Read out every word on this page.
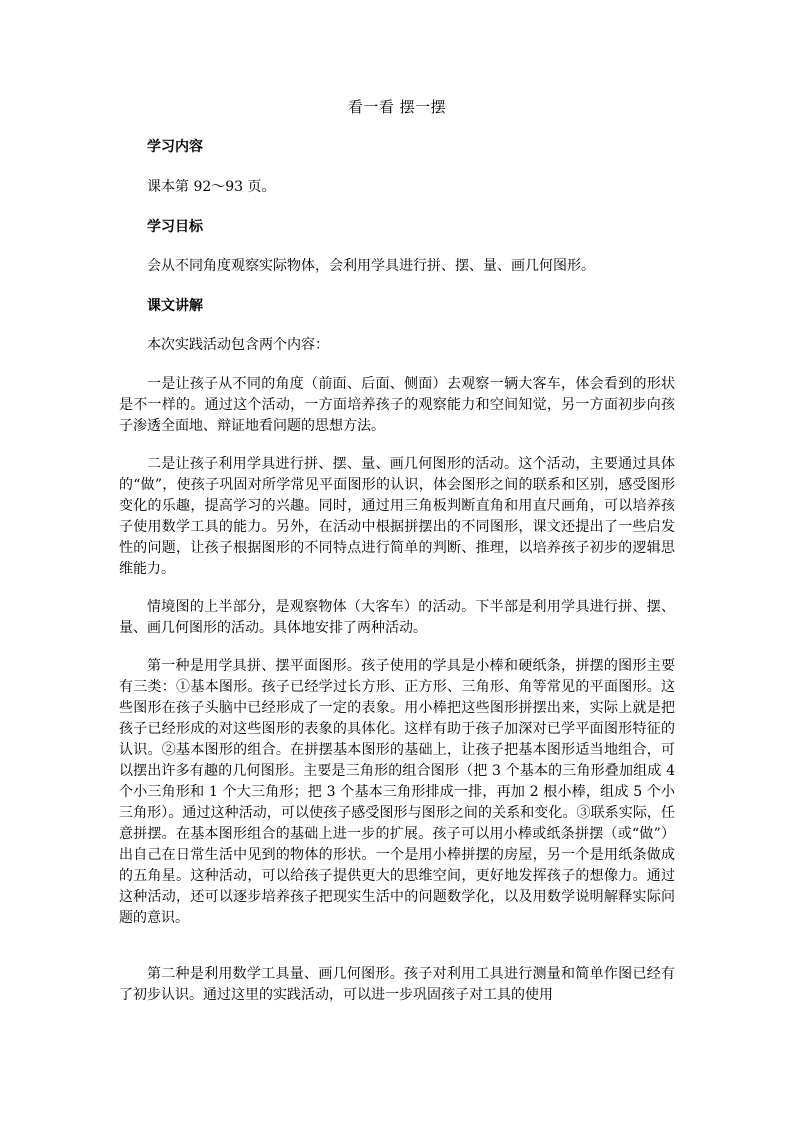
看一看 摆一摆
学习内容

课本第 92～93 页。

学习目标

会从不同角度观察实际物体，会利用学具进行拼、摆、量、画几何图形。

课文讲解

本次实践活动包含两个内容：

一是让孩子从不同的角度（前面、后面、侧面）去观察一辆大客车，体会看到的形状是不一样的。通过这个活动，一方面培养孩子的观察能力和空间知觉，另一方面初步向孩子渗透全面地、辩证地看问题的思想方法。

二是让孩子利用学具进行拼、摆、量、画几何图形的活动。这个活动，主要通过具体的“做”，使孩子巩固对所学常见平面图形的认识，体会图形之间的联系和区别，感受图形变化的乐趣，提高学习的兴趣。同时，通过用三角板判断直角和用直尺画角，可以培养孩子使用数学工具的能力。另外，在活动中根据拼摆出的不同图形，课文还提出了一些启发性的问题，让孩子根据图形的不同特点进行简单的判断、推理，以培养孩子初步的逻辑思维能力。

情境图的上半部分，是观察物体（大客车）的活动。下半部是利用学具进行拼、摆、量、画几何图形的活动。具体地安排了两种活动。

第一种是用学具拼、摆平面图形。孩子使用的学具是小棒和硬纸条，拼摆的图形主要有三类：①基本图形。孩子已经学过长方形、正方形、三角形、角等常见的平面图形。这些图形在孩子头脑中已经形成了一定的表象。用小棒把这些图形拼摆出来，实际上就是把孩子已经形成的对这些图形的表象的具体化。这样有助于孩子加深对已学平面图形特征的认识。②基本图形的组合。在拼摆基本图形的基础上，让孩子把基本图形适当地组合，可以摆出许多有趣的几何图形。主要是三角形的组合图形（把 3 个基本的三角形叠加组成 4 个小三角形和 1 个大三角形；把 3 个基本三角形排成一排，再加 2 根小棒，组成 5 个小三角形）。通过这种活动，可以使孩子感受图形与图形之间的关系和变化。③联系实际，任意拼摆。在基本图形组合的基础上进一步的扩展。孩子可以用小棒或纸条拼摆（或“做”）出自己在日常生活中见到的物体的形状。一个是用小棒拼摆的房屋，另一个是用纸条做成的五角星。这种活动，可以给孩子提供更大的思维空间，更好地发挥孩子的想像力。通过这种活动，还可以逐步培养孩子把现实生活中的问题数学化，以及用数学说明解释实际问题的意识。

第二种是利用数学工具量、画几何图形。孩子对利用工具进行测量和简单作图已经有了初步认识。通过这里的实践活动，可以进一步巩固孩子对工具的使用
